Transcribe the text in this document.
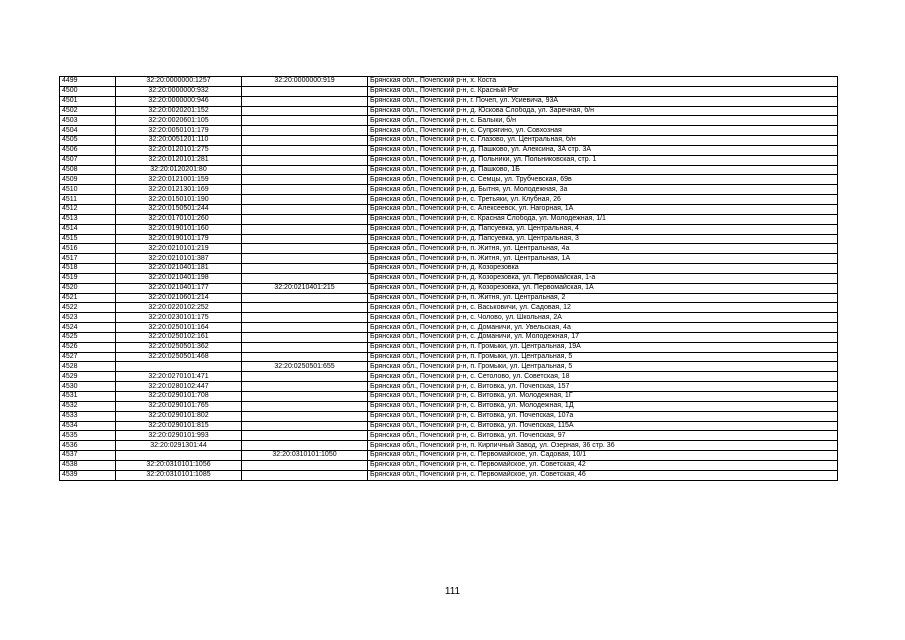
4499	32:20:0000000:1257	32:20:0000000:919	Брянская обл., Почепский р-н, х. Коста
4500	32:20:0000000:932		Брянская обл., Почепский р-н, с. Красный Рог
4501	32:20:0000000:946		Брянская обл., Почепский р-н, г. Почеп, ул. Усиевича, 93А
4502	32:20:0020201:152		Брянская обл., Почепский р-н, д. Юскова Слобода, ул. Заречная, б/н
4503	32:20:0020601:105		Брянская обл., Почепский р-н, с. Балыки, б/н
4504	32:20:0050101:179		Брянская обл., Почепский р-н, с. Супрягино, ул. Совхозная
4505	32:20:0051201:110		Брянская обл., Почепский р-н, с. Глазово, ул. Центральная, б/н
4506	32:20:0120101:275		Брянская обл., Почепский р-н, д. Пашково, ул. Алексина, 3А стр. 3А
4507	32:20:0120101:281		Брянская обл., Почепский р-н, д. Польники, ул. Польниковская, стр. 1
4508	32:20:0120201:80		Брянская обл., Почепский р-н, д. Пашково, 1Б
4509	32:20:0121001:159		Брянская обл., Почепский р-н, с. Семцы, ул. Трубчевская, 69в
4510	32:20:0121301:169		Брянская обл., Почепский р-н, д. Бытня, ул. Молодежная, 3а
4511	32:20:0150101:190		Брянская обл., Почепский р-н, с. Третьяки, ул. Клубная, 26
4512	32:20:0150501:244		Брянская обл., Почепский р-н, с. Алексеевск, ул. Нагорная, 1А
4513	32:20:0170101:260		Брянская обл., Почепский р-н, с. Красная Слобода, ул. Молодежная, 1/1
4514	32:20:0190101:160		Брянская обл., Почепский р-н, д. Папсуевка, ул. Центральная, 4
4515	32:20:0190101:179		Брянская обл., Почепский р-н, д. Папсуевка, ул. Центральная, 3
4516	32:20:0210101:219		Брянская обл., Почепский р-н, п. Житня, ул. Центральная, 4а
4517	32:20:0210101:387		Брянская обл., Почепский р-н, п. Житня, ул. Центральная, 1А
4518	32:20:0210401:181		Брянская обл., Почепский р-н, д. Козорезовка
4519	32:20:0210401:198		Брянская обл., Почепский р-н, д. Козорезовка, ул. Первомайская, 1-а
4520	32:20:0210401:177	32:20:0210401:215	Брянская обл., Почепский р-н, д. Козорезовка, ул. Первомайская, 1А
4521	32:20:0210601:214		Брянская обл., Почепский р-н, п. Житня, ул. Центральная, 2
4522	32:20:0220102:252		Брянская обл., Почепский р-н, с. Васьковичи, ул. Садовая, 12
4523	32:20:0230101:175		Брянская обл., Почепский р-н, с. Чолово, ул. Школьная, 2А
4524	32:20:0250101:164		Брянская обл., Почепский р-н, с. Доманичи, ул. Увельская, 4а
4525	32:20:0250102:161		Брянская обл., Почепский р-н, с. Доманичи, ул. Молодежная, 17
4526	32:20:0250501:362		Брянская обл., Почепский р-н, п. Громыки, ул. Центральная, 19А
4527	32:20:0250501:468		Брянская обл., Почепский р-н, п. Громыки, ул. Центральная, 5
4528		32:20:0250501:655	Брянская обл., Почепский р-н, п. Громыки, ул. Центральная, 5
4529	32:20:0270101:471		Брянская обл., Почепский р-н, с. Сетолово, ул. Советская, 18
4530	32:20:0280102:447		Брянская обл., Почепский р-н, с. Витовка, ул. Почепская, 157
4531	32:20:0290101:708		Брянская обл., Почепский р-н, с. Витовка, ул. Молодежная, 1Г
4532	32:20:0290101:765		Брянская обл., Почепский р-н, с. Витовка, ул. Молодежная, 1Д
4533	32:20:0290101:802		Брянская обл., Почепский р-н, с. Витовка, ул. Почепская, 107а
4534	32:20:0290101:815		Брянская обл., Почепский р-н, с. Витовка, ул. Почепская, 115А
4535	32:20:0290101:993		Брянская обл., Почепский р-н, с. Витовка, ул. Почепская, 97
4536	32:20:0291301:44		Брянская обл., Почепский р-н, п. Кирпичный Завод, ул. Озерная, 36 стр. 36
4537		32:20:0310101:1050	Брянская обл., Почепский р-н, с. Первомайское, ул. Садовая, 10/1
4538	32:20:0310101:1056		Брянская обл., Почепский р-н, с. Первомайское, ул. Советская, 42
4539	32:20:0310101:1085		Брянская обл., Почепский р-н, с. Первомайское, ул. Советская, 46
111
